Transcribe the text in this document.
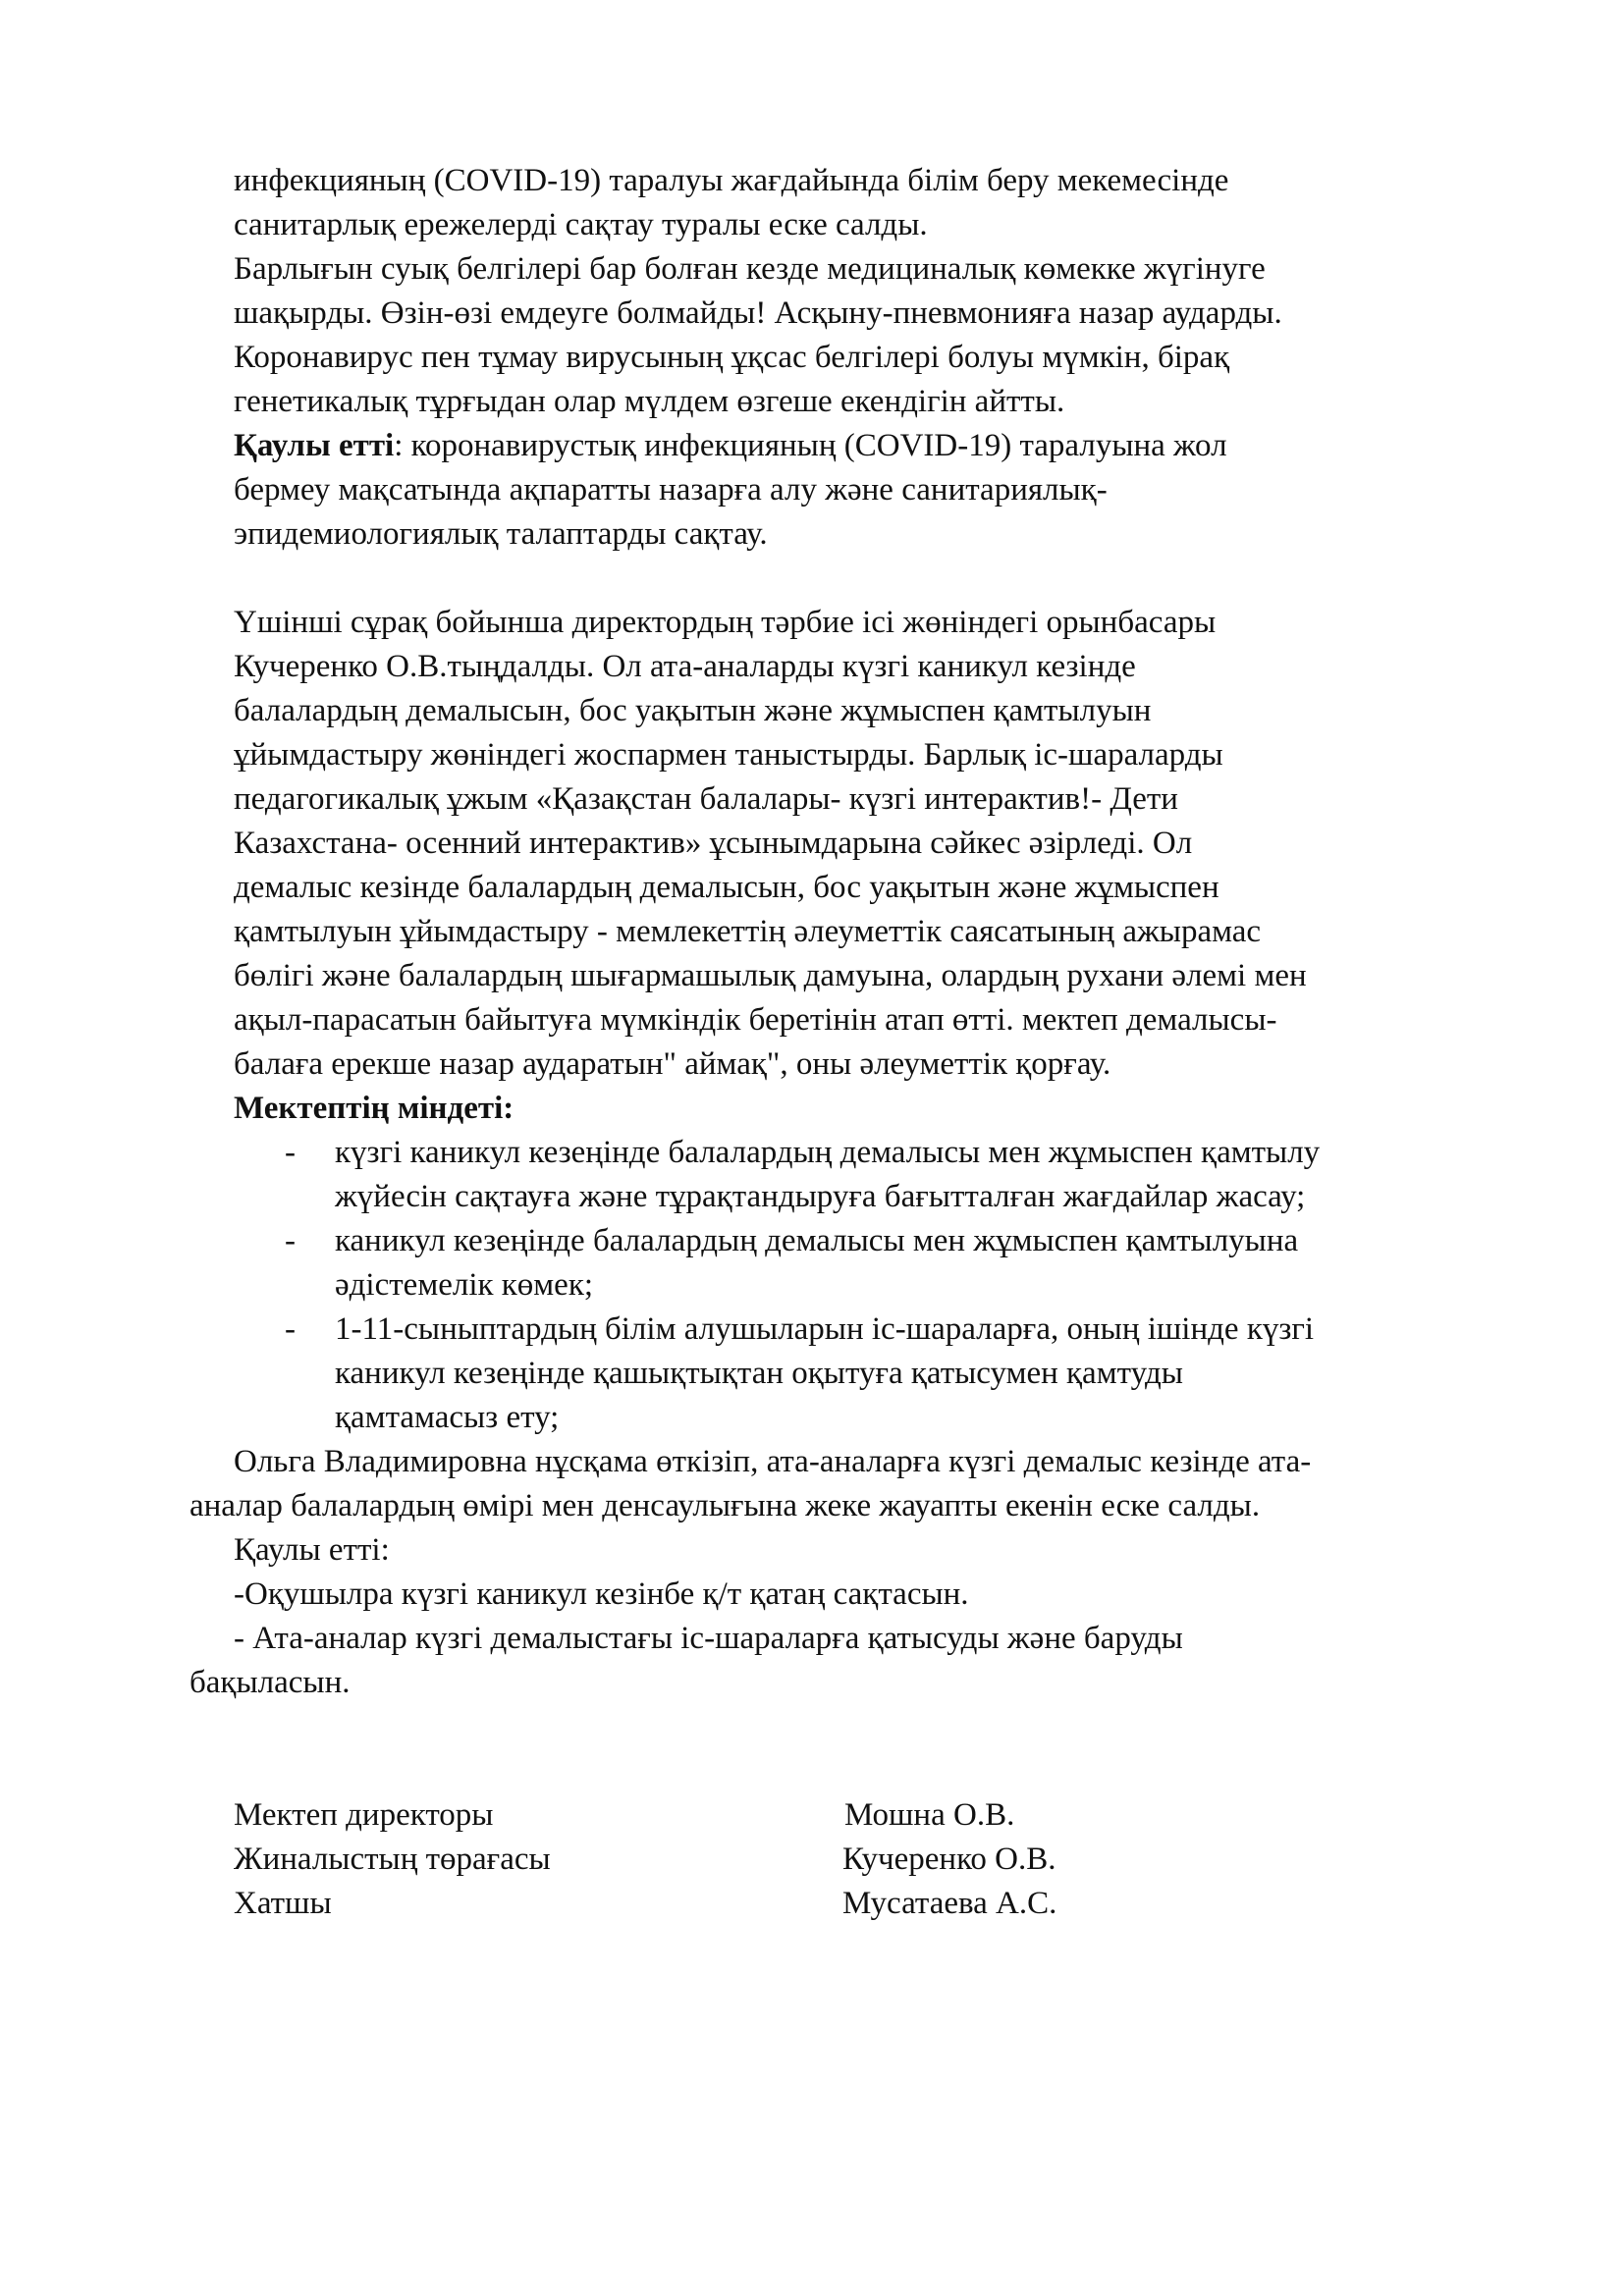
инфекцияның (COVID-19) таралуы жағдайында білім беру мекемесінде
санитарлық ережелерді сақтау туралы еске салды.
Барлығын суық белгілері бар болған кезде медициналық көмекке жүгінуге
шақырды. Өзін-өзі емдеуге болмайды! Асқыну-пневмонияға назар аударды.
Коронавирус пен тұмау вирусының ұқсас белгілері болуы мүмкін, бірақ
генетикалық тұрғыдан олар мүлдем өзгеше екендігін айтты.
Қаулы етті: коронавирустық инфекцияның (COVID-19) таралуына жол
бермеу мақсатында ақпаратты назарға алу және санитариялық-
эпидемиологиялық талаптарды сақтау.
Үшінші сұрақ бойынша директордың тәрбие ісі жөніндегі орынбасары
Кучеренко О.В.тыңдалды. Ол ата-аналарды күзгі каникул кезінде
балалардың демалысын, бос уақытын және жұмыспен қамтылуын
ұйымдастыру жөніндегі жоспармен таныстырды. Барлық іс-шараларды
педагогикалық ұжым «Қазақстан балалары- күзгі интерактив!- Дети
Казахстана- осенний интерактив» ұсынымдарына сәйкес әзірледі. Ол
демалыс кезінде балалардың демалысын, бос уақытын және жұмыспен
қамтылуын ұйымдастыру - мемлекеттің әлеуметтік саясатының ажырамас
бөлігі және балалардың шығармашылық дамуына, олардың рухани әлемі мен
ақыл-парасатын байытуға мүмкіндік беретінін атап өтті. мектеп демалысы-
балаға ерекше назар аударатын" аймақ", оны әлеуметтік қорғау.
Мектептің міндеті:
- күзгі каникул кезеңінде балалардың демалысы мен жұмыспен қамтылу
жүйесін сақтауға және тұрақтандыруға бағытталған жағдайлар жасау;
- каникул кезеңінде балалардың демалысы мен жұмыспен қамтылуына
әдістемелік көмек;
- 1-11-сыныптардың білім алушыларын іс-шараларға, оның ішінде күзгі
каникул кезеңінде қашықтықтан оқытуға қатысумен қамтуды
қамтамасыз ету;
Ольга Владимировна нұсқама өткізіп, ата-аналарға күзгі демалыс кезінде ата-
аналар балалардың өмірі мен денсаулығына жеке жауапты екенін еске салды.
Қаулы етті:
-Оқушылра күзгі каникул кезінбе қ/т қатаң сақтасын.
- Ата-аналар күзгі демалыстағы іс-шараларға қатысуды және баруды
бақыласын.
Мектеп директоры	Мошна О.В.
Жиналыстың төрағасы	Кучеренко О.В.
Хатшы	Мусатаева А.С.
